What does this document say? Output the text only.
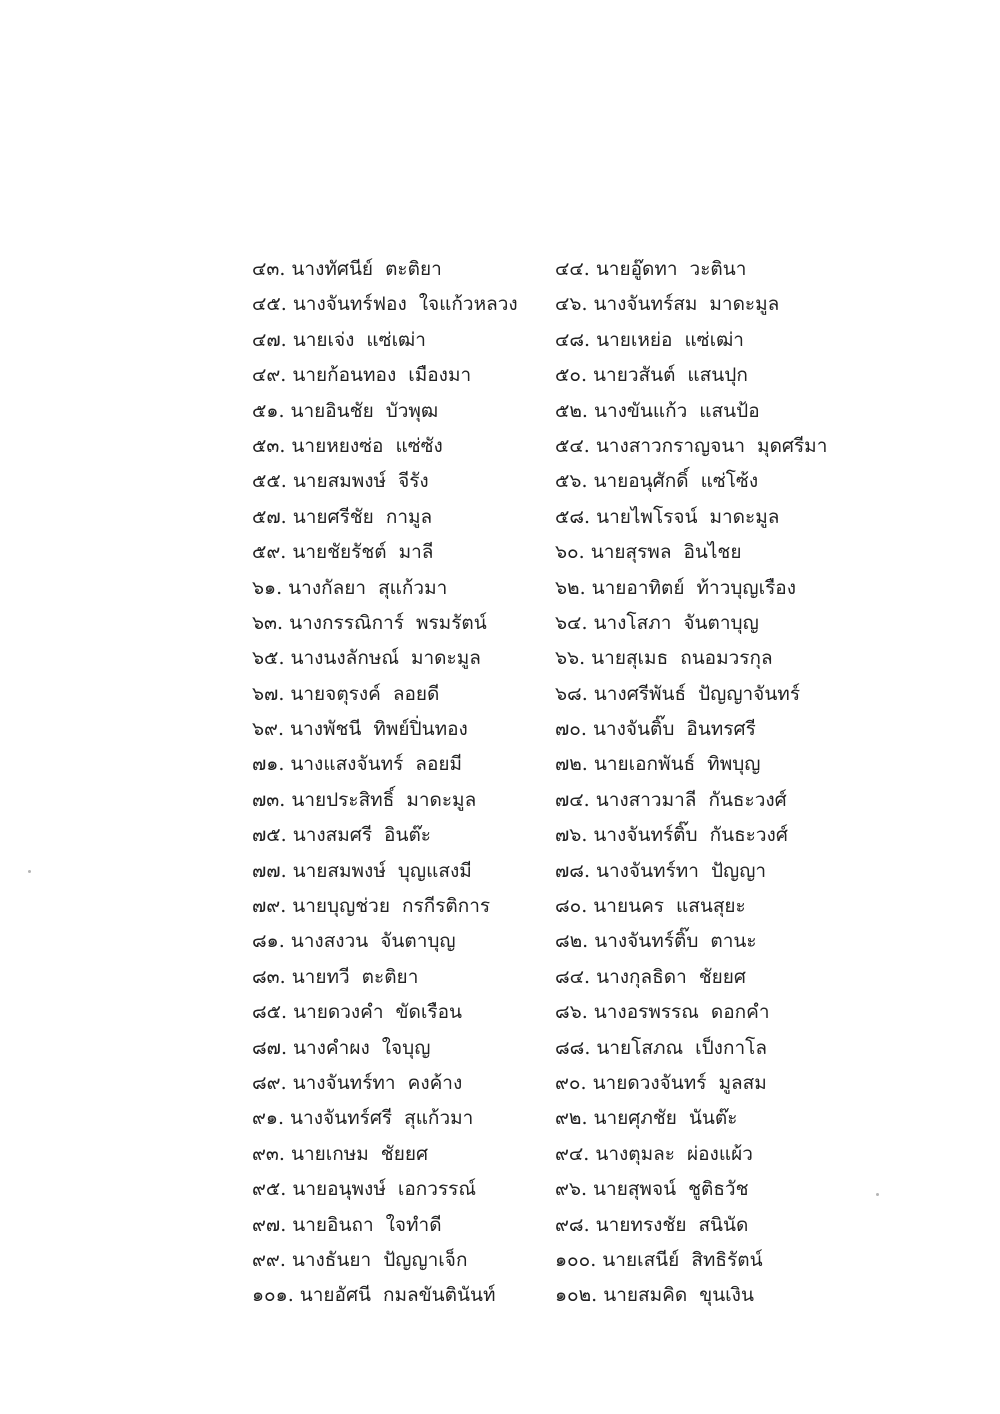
๔๓. นางทัศนีย์ ตะติยา	๔๔. นายอู๊ดทา วะตินา
๔๕. นางจันทร์ฟอง ใจแก้วหลวง ๔๖. นางจันทร์สม มาดะมูล
๔๗. นายเจ่ง แซ่เฒ่า	๔๘. นายเหย่อ แซ่เฒ่า
๔๙. นายก้อนทอง เมืองมา	๕๐. นายวสันต์ แสนปุก
๕๑. นายอินชัย บัวพุฒ	๕๒. นางขันแก้ว แสนป้อ
๕๓. นายหยงซ่อ แซ่ซัง	๕๔. นางสาวกราญจนา มุดศรีมา
๕๕. นายสมพงษ์ จีรัง	๕๖. นายอนุศักดิ์ แซ่โซ้ง
๕๗. นายศรีชัย กามูล	๕๘. นายไพโรจน์ มาดะมูล
๕๙. นายชัยรัชต์ มาลี	๖๐. นายสุรพล อินไชย
๖๑. นางกัลยา สุแก้วมา	๖๒. นายอาทิตย์ ท้าวบุญเรือง
๖๓. นางกรรณิการ์ พรมรัตน์	๖๔. นางโสภา จันตาบุญ
๖๕. นางนงลักษณ์ มาดะมูล	๖๖. นายสุเมธ ถนอมวรกุล
๖๗. นายจตุรงค์ ลอยดี	๖๘. นางศรีพันธ์ ปัญญาจันทร์
๖๙. นางพัชนี ทิพย์ปิ่นทอง	๗๐. นางจันติ๊บ อินทรศรี
๗๑. นางแสงจันทร์ ลอยมี	๗๒. นายเอกพันธ์ ทิพบุญ
๗๓. นายประสิทธิ์ มาดะมูล	๗๔. นางสาวมาลี กันธะวงศ์
๗๕. นางสมศรี อินต๊ะ	๗๖. นางจันทร์ติ๊บ กันธะวงศ์
๗๗. นายสมพงษ์ บุญแสงมี	๗๘. นางจันทร์ทา ปัญญา
๗๙. นายบุญช่วย กรกีรติการ	๘๐. นายนคร แสนสุยะ
๘๑. นางสงวน จันตาบุญ	๘๒. นางจันทร์ติ๊บ ตานะ
๘๓. นายทวี ตะติยา	๘๔. นางกุลธิดา ชัยยศ
๘๕. นายดวงคำ ขัดเรือน	๘๖. นางอรพรรณ ดอกคำ
๘๗. นางคำผง ใจบุญ	๘๘. นายโสภณ เป็งกาโล
๘๙. นางจันทร์ทา คงค้าง	๙๐. นายดวงจันทร์ มูลสม
๙๑. นางจันทร์ศรี สุแก้วมา	๙๒. นายศุภชัย นันต๊ะ
๙๓. นายเกษม ชัยยศ	๙๔. นางตุมละ ผ่องแผ้ว
๙๕. นายอนุพงษ์ เอกวรรณ์	๙๖. นายสุพจน์ ชูติธวัช
๙๗. นายอินถา ใจทำดี	๙๘. นายทรงชัย สนินัด
๙๙. นางธันยา ปัญญาเจ็ก	๑๐๐. นายเสนีย์ สิทธิรัตน์
๑๐๑. นายอัศนี กมลขันตินันท์	๑๐๒. นายสมคิด ขุนเงิน
